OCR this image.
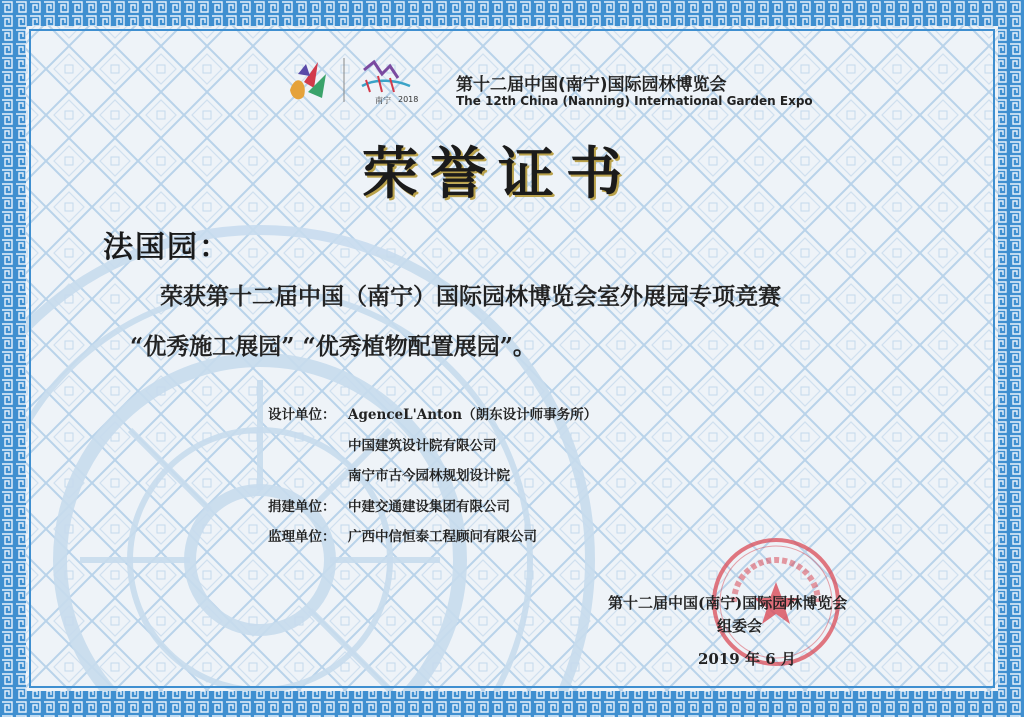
南宁 2018
第十二届中国(南宁)国际园林博览会
The 12th China (Nanning) International Garden Expo
荣誉证书
法国园：
荣获第十二届中国（南宁）国际园林博览会室外展园专项竞赛
“优秀施工展园” “优秀植物配置展园”。
设计单位： AgenceL'Anton（朗东设计师事务所）
中国建筑设计院有限公司
南宁市古今园林规划设计院
捐建单位： 中建交通建设集团有限公司
监理单位： 广西中信恒泰工程顾问有限公司
第十二届中国(南宁)国际园林博览会
组委会
2019 年 6 月
